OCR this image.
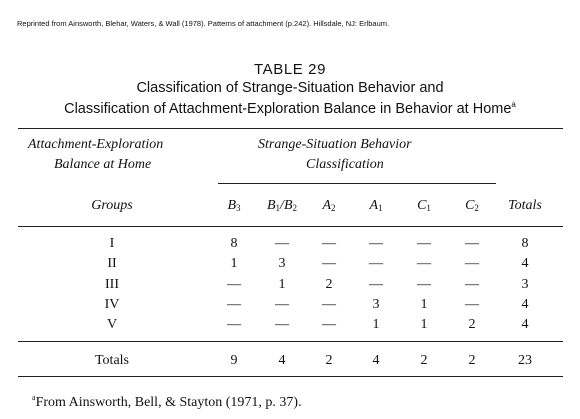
Reprinted from Ainsworth, Blehar, Waters, & Wall (1978). Patterns of attachment (p.242). Hillsdale, NJ: Erlbaum.
TABLE 29
Classification of Strange-Situation Behavior and
Classification of Attachment-Exploration Balance in Behavior at Home$^a$
Attachment-Exploration
Balance at Home
Strange-Situation Behavior
Classification
Groups	$B_3$	$B_1/B_2$	$A_2$	$A_1$	$C_1$	$C_2$	Totals
I	8	—	—	—	—	—	8
II	1	3	—	—	—	—	4
III	—	1	2	—	—	—	3
IV	—	—	—	3	1	—	4
V	—	—	—	1	1	2	4
Totals	9	4	2	4	2	2	23
$^a$From Ainsworth, Bell, & Stayton (1971, p. 37).
